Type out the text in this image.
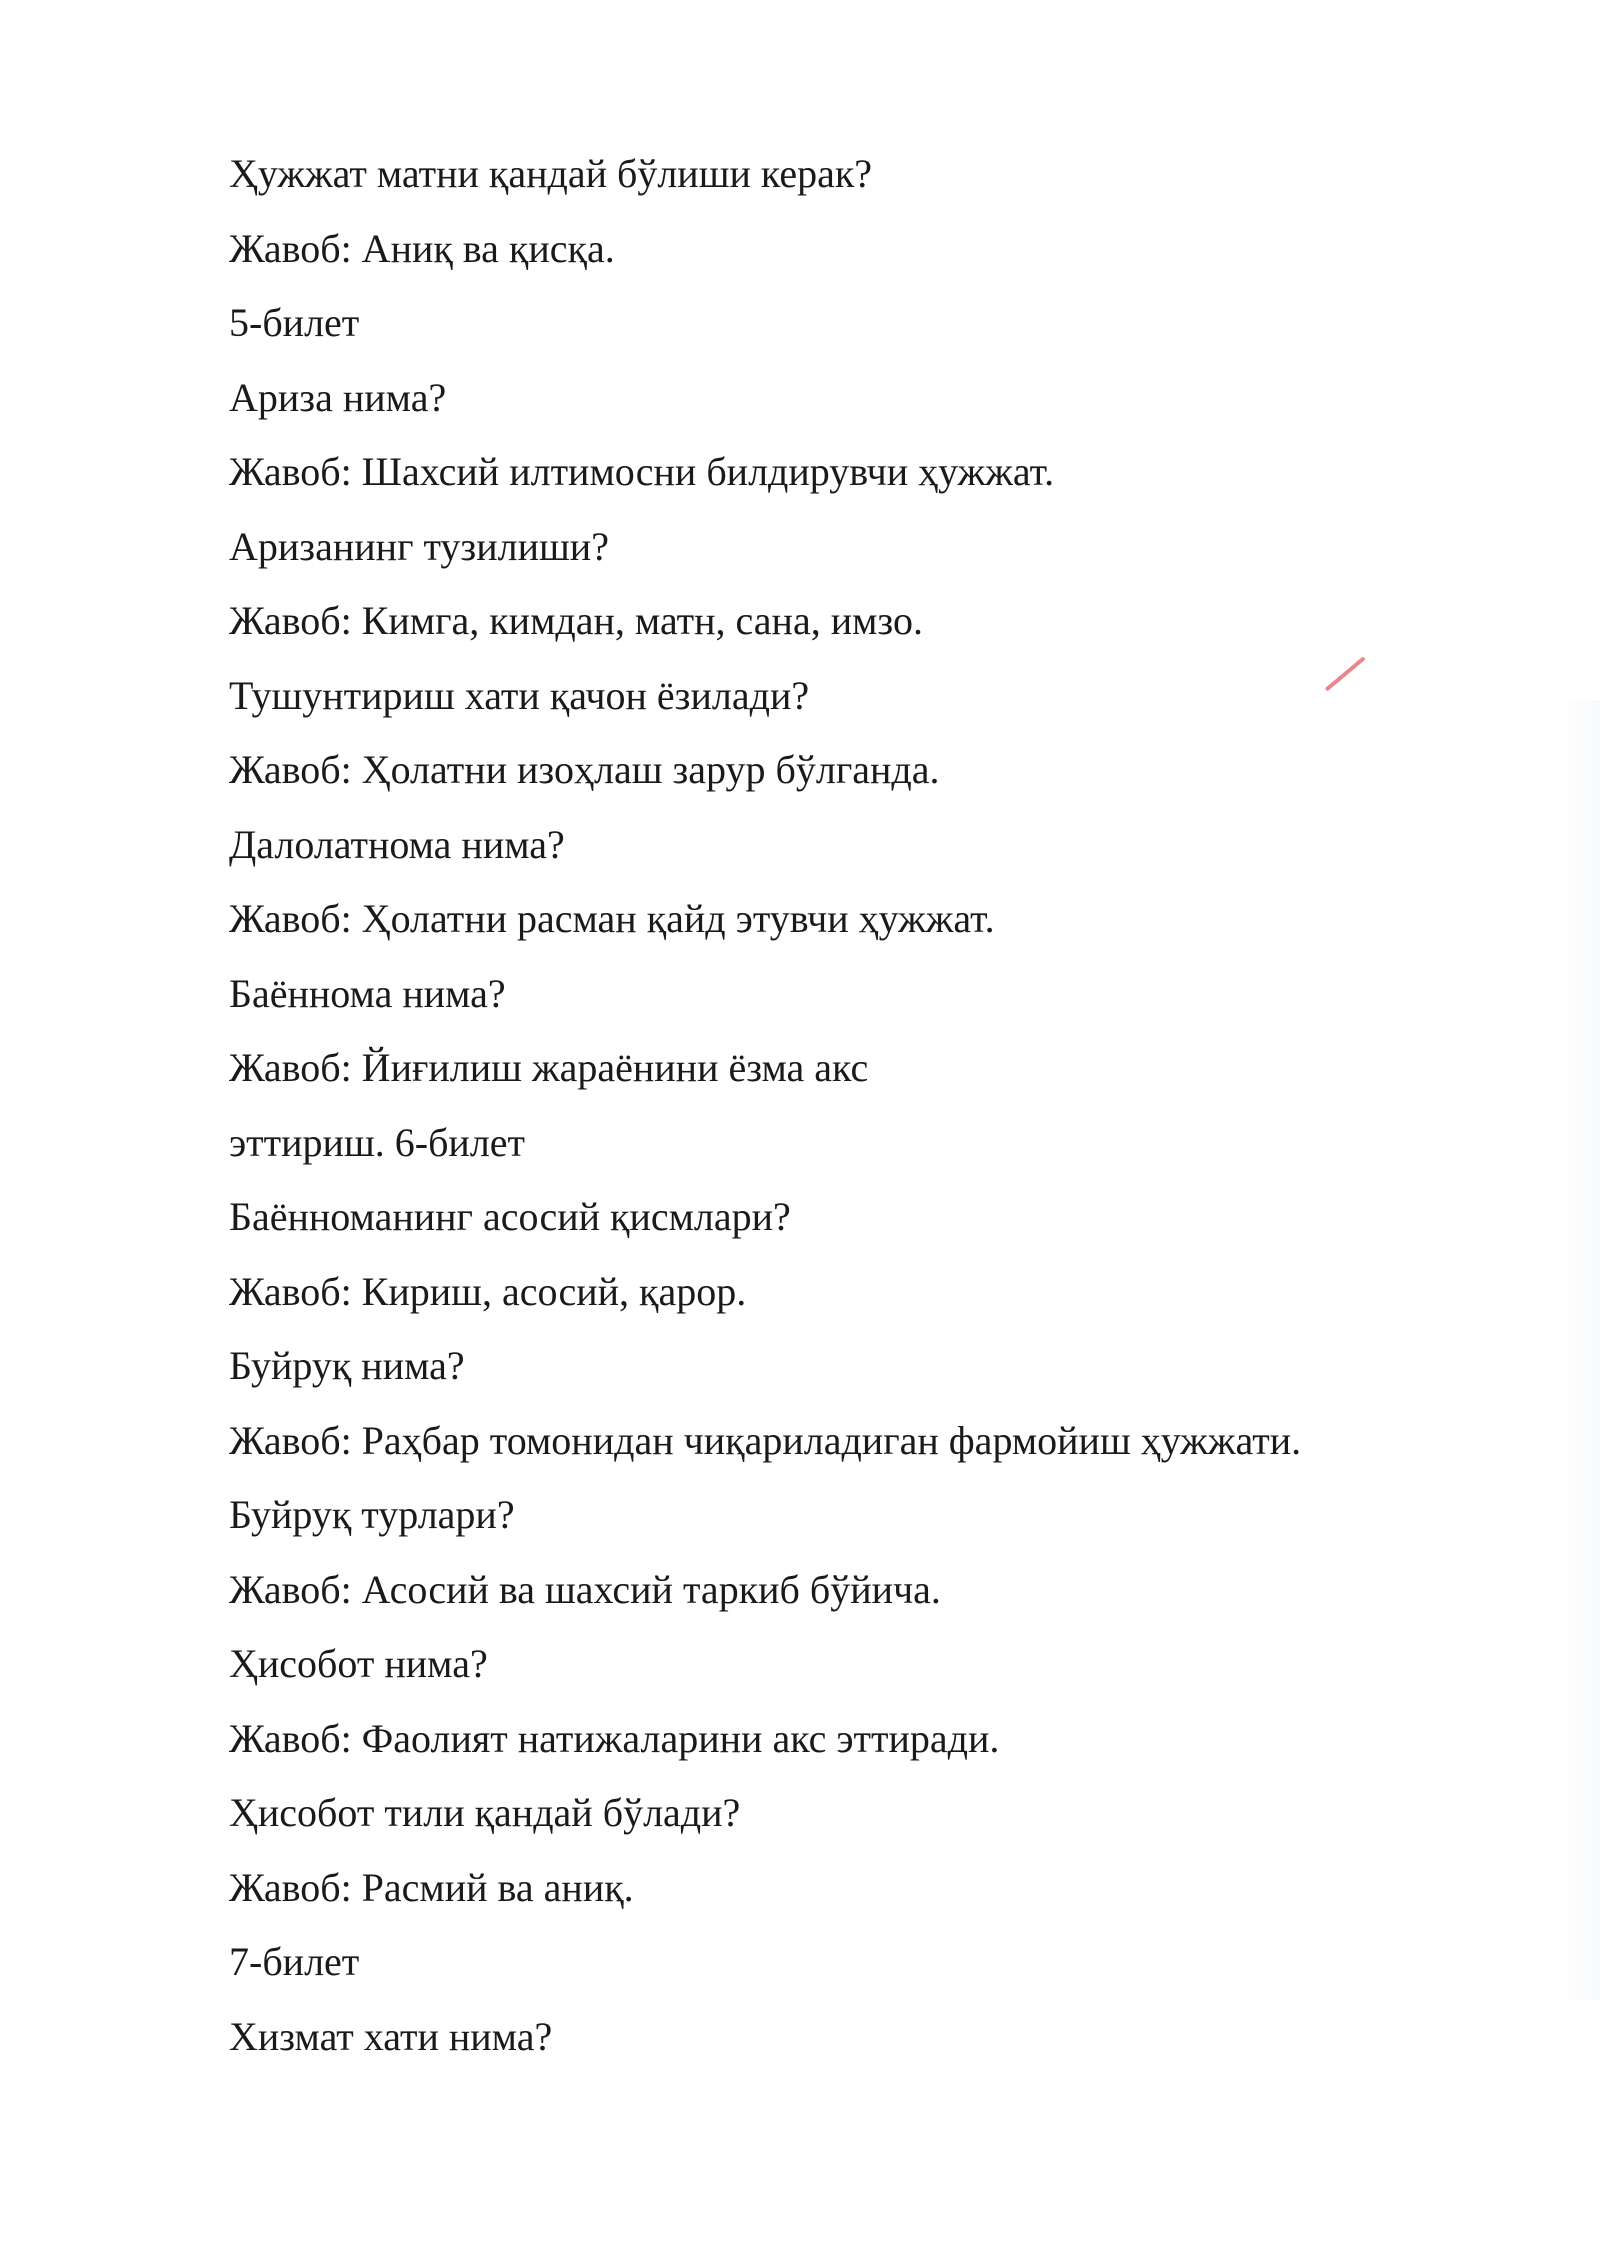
Ҳужжат матни қандай бўлиши керак?
Жавоб: Аниқ ва қисқа.
5-билет
Ариза нима?
Жавоб: Шахсий илтимосни билдирувчи ҳужжат.
Аризанинг тузилиши?
Жавоб: Кимга, кимдан, матн, сана, имзо.
Тушунтириш хати қачон ёзилади?
Жавоб: Ҳолатни изоҳлаш зарур бўлганда.
Далолатнома нима?
Жавоб: Ҳолатни расман қайд этувчи ҳужжат.
Баённома нима?
Жавоб: Йиғилиш жараёнини ёзма акс
эттириш. 6-билет
Баённоманинг асосий қисмлари?
Жавоб: Кириш, асосий, қарор.
Буйруқ нима?
Жавоб: Раҳбар томонидан чиқариладиган фармойиш ҳужжати.
Буйруқ турлари?
Жавоб: Асосий ва шахсий таркиб бўйича.
Ҳисобот нима?
Жавоб: Фаолият натижаларини акс эттиради.
Ҳисобот тили қандай бўлади?
Жавоб: Расмий ва аниқ.
7-билет
Хизмат хати нима?
